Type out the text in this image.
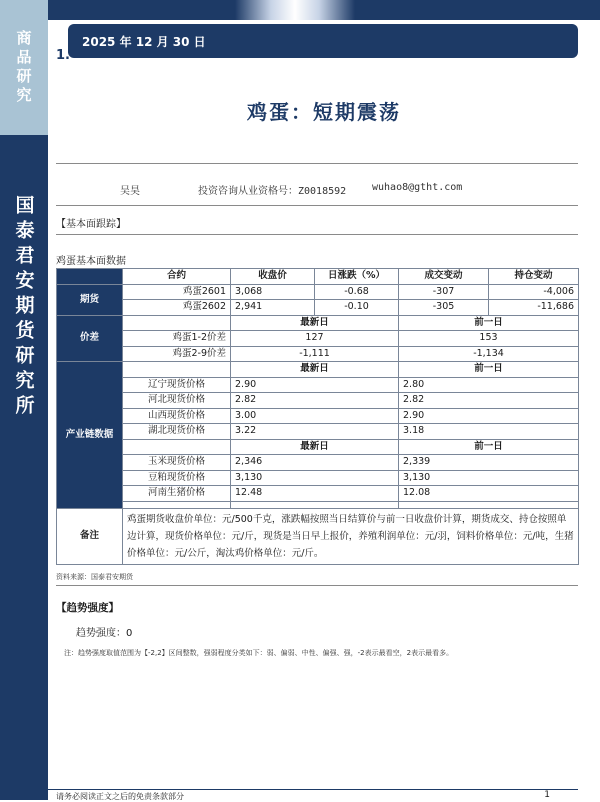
商品研究
国泰君安期货研究所
2025 年 12 月 30 日
1.
鸡蛋：短期震荡
吴昊	投资咨询从业资格号：Z0018592	wuhao8@gtht.com
【基本面跟踪】
鸡蛋基本面数据
	合约	收盘价	日涨跌（%）	成交变动	持仓变动
期货	鸡蛋2601	3,068	-0.68	-307	-4,006
	鸡蛋2602	2,941	-0.10	-305	-11,686
价差		最新日		前一日	
	鸡蛋1-2价差	127		153	
	鸡蛋2-9价差	-1,111		-1,134	
产业链数据		最新日		前一日	
	辽宁现货价格	2.90		2.80	
	河北现货价格	2.82		2.82	
	山西现货价格	3.00		2.90	
	湖北现货价格	3.22		3.18	
		最新日		前一日	
	玉米现货价格	2,346		2,339	
	豆粕现货价格	3,130		3,130	
	河南生猪价格	12.48		12.08	

备注	鸡蛋期货收盘价单位：元/500千克，涨跌幅按照当日结算价与前一日收盘价计算，期货成交、持仓按照单边计算，现货价格单位：元/斤，现货是当日早上报价，养殖利润单位：元/羽，饲料价格单位：元/吨，生猪价格单位：元/公斤，淘汰鸡价格单位：元/斤。				
资料来源：国泰君安期货
【趋势强度】
趋势强度：0
注：趋势强度取值范围为【-2,2】区间整数，强弱程度分类如下：弱、偏弱、中性、偏强、强，-2表示最看空，2表示最看多。
请务必阅读正文之后的免责条款部分	1
